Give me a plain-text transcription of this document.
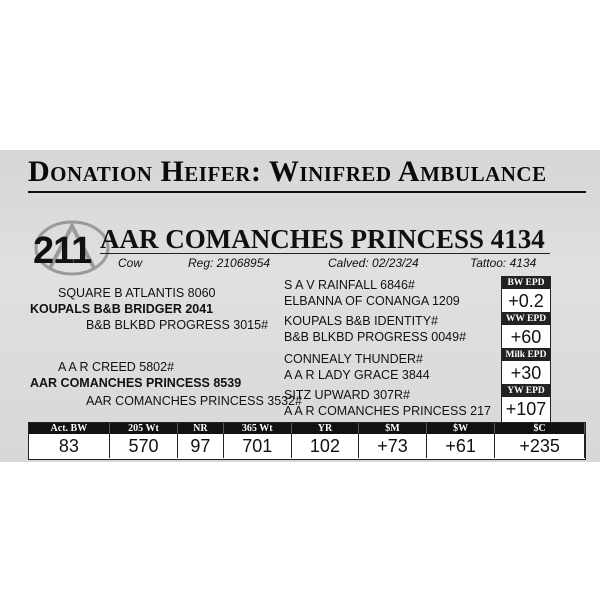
Donation Heifer: Winifred Ambulance
211 AAR COMANCHES PRINCESS 4134
Cow	Reg: 21068954	Calved: 02/23/24	Tattoo: 4134
SQUARE B ATLANTIS 8060
KOUPALS B&B BRIDGER 2041
B&B BLKBD PROGRESS 3015#
A A R CREED 5802#
AAR COMANCHES PRINCESS 8539
AAR COMANCHES PRINCESS 3532#
S A V RAINFALL 6846#
ELBANNA OF CONANGA 1209
KOUPALS B&B IDENTITY#
B&B BLKBD PROGRESS 0049#
CONNEALY THUNDER#
A A R LADY GRACE 3844
SITZ UPWARD 307R#
A A R COMANCHES PRINCESS 217
BW EPD
+0.2
WW EPD
+60
Milk EPD
+30
YW EPD
+107
Act. BW	205 Wt	NR	365 Wt	YR	$M	$W	$C
83	570	97	701	102	+73	+61	+235
